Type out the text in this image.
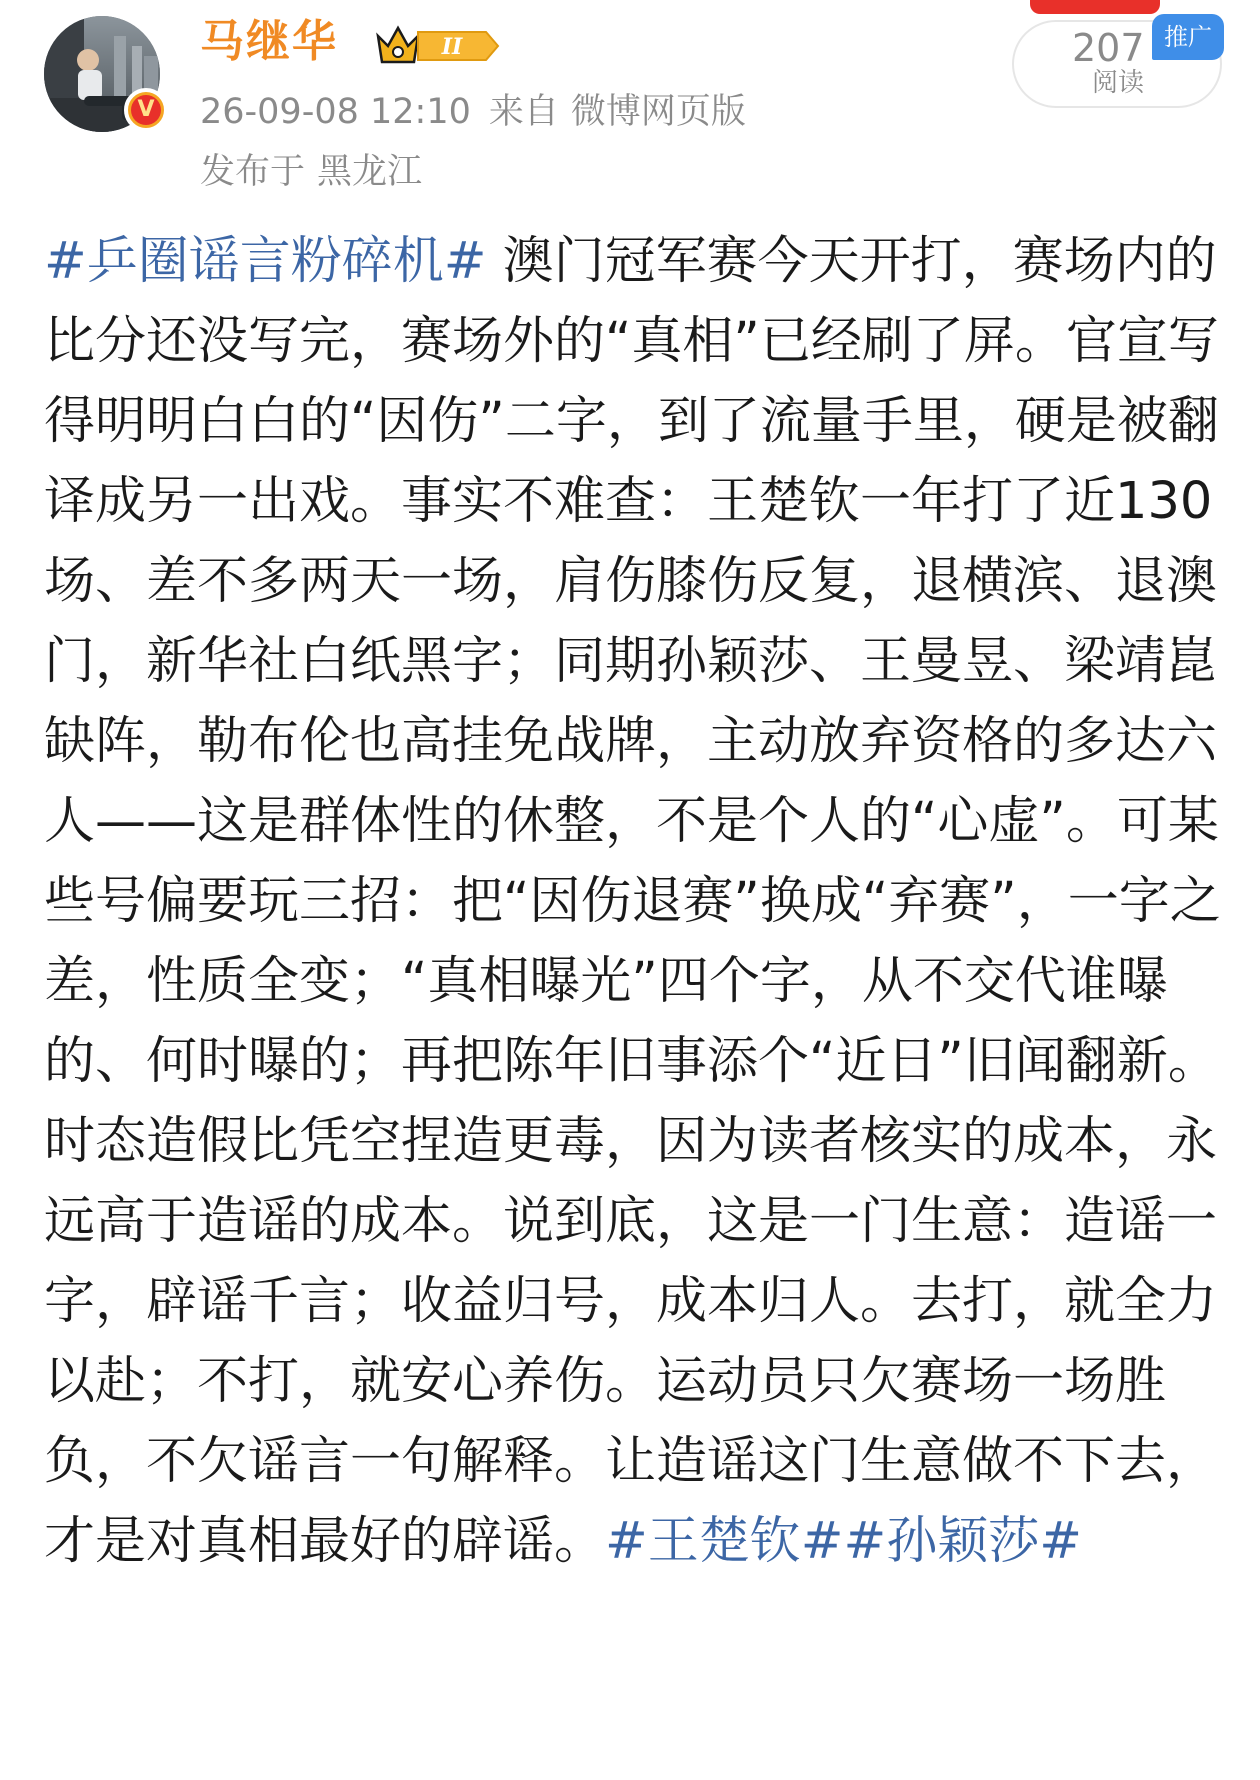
V
马继华	II
26-09-08 12:10 来自 微博网页版
发布于 黑龙江
207
阅读
推广
#乒圈谣言粉碎机# 澳门冠军赛今天开打，赛场内的比分还没写完，赛场外的“真相”已经刷了屏。官宣写得明明白白的“因伤”二字，到了流量手里，硬是被翻译成另一出戏。事实不难查：王楚钦一年打了近130场、差不多两天一场，肩伤膝伤反复，退横滨、退澳门，新华社白纸黑字；同期孙颖莎、王曼昱、梁靖崑缺阵，勒布伦也高挂免战牌，主动放弃资格的多达六人——这是群体性的休整，不是个人的“心虚”。可某些号偏要玩三招：把“因伤退赛”换成“弃赛”，一字之差，性质全变；“真相曝光”四个字，从不交代谁曝的、何时曝的；再把陈年旧事添个“近日”旧闻翻新。时态造假比凭空捏造更毒，因为读者核实的成本，永远高于造谣的成本。说到底，这是一门生意：造谣一字，辟谣千言；收益归号，成本归人。去打，就全力以赴；不打，就安心养伤。运动员只欠赛场一场胜负，不欠谣言一句解释。让造谣这门生意做不下去，才是对真相最好的辟谣。#王楚钦##孙颖莎#
